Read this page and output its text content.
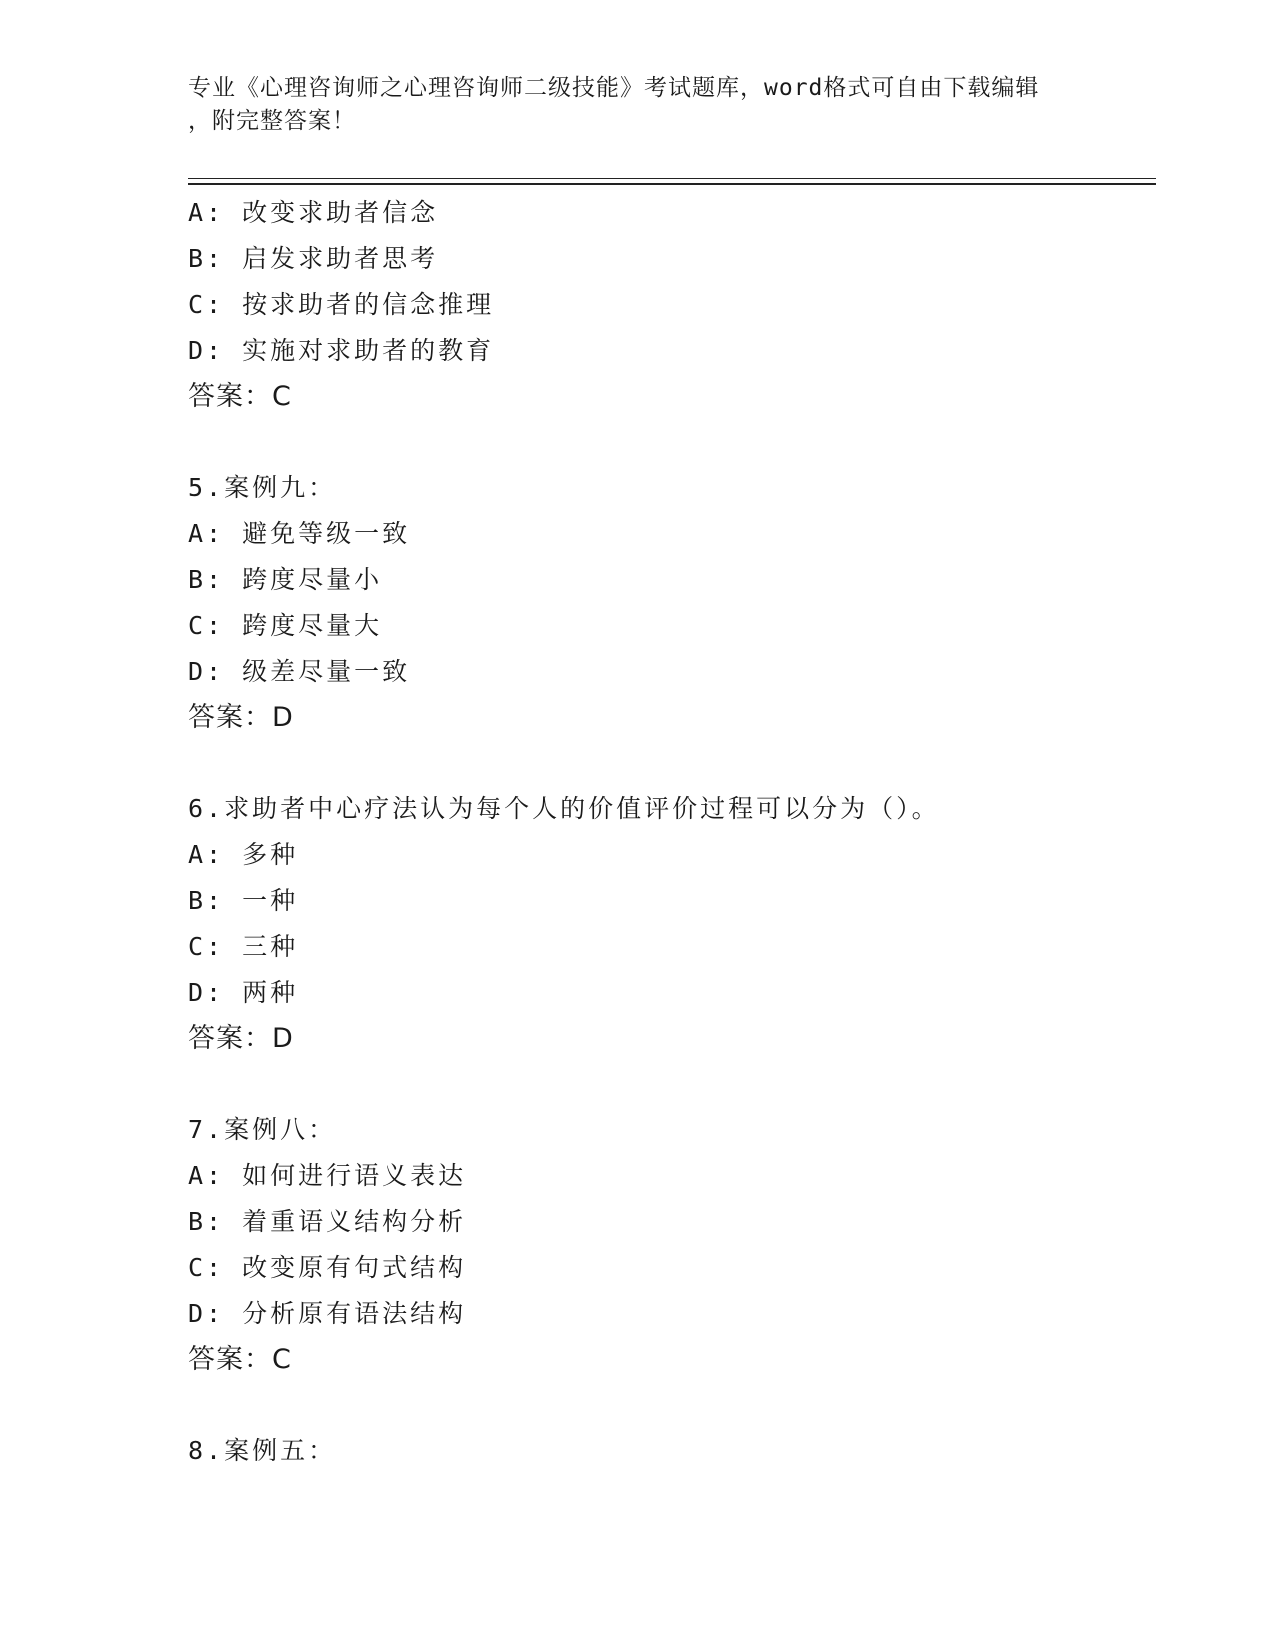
专业《心理咨询师之心理咨询师二级技能》考试题库，word格式可自由下载编辑
，附完整答案！
A: 改变求助者信念
B: 启发求助者思考
C: 按求助者的信念推理
D: 实施对求助者的教育
答案：C
5.案例九：
A: 避免等级一致
B: 跨度尽量小
C: 跨度尽量大
D: 级差尽量一致
答案：D
6.求助者中心疗法认为每个人的价值评价过程可以分为（）。
A: 多种
B: 一种
C: 三种
D: 两种
答案：D
7.案例八：
A: 如何进行语义表达
B: 着重语义结构分析
C: 改变原有句式结构
D: 分析原有语法结构
答案：C
8.案例五：
